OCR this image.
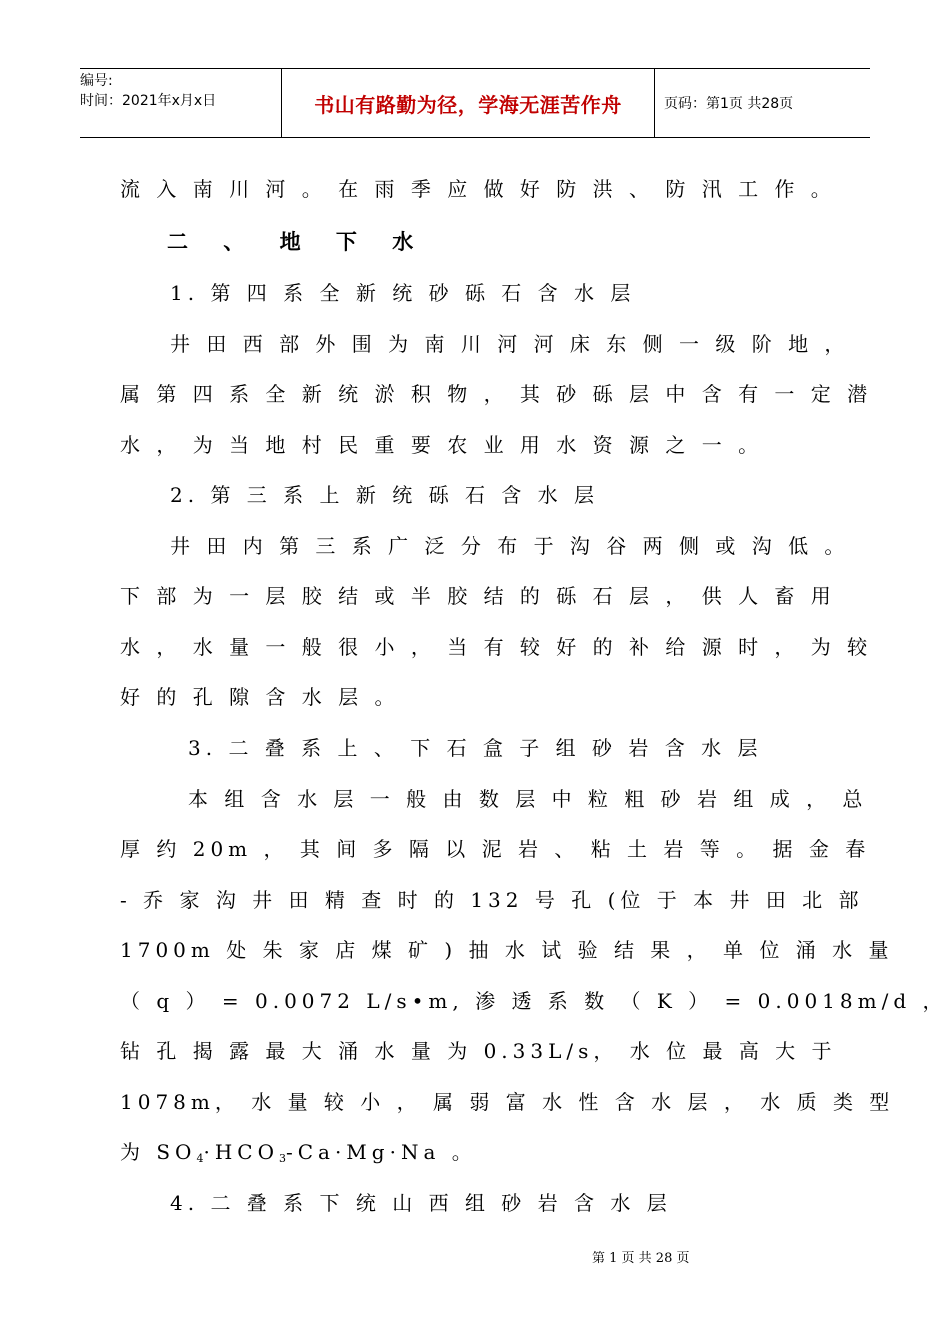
编号:
时间：2021年x月x日	书山有路勤为径，学海无涯苦作舟	页码：第1页 共28页
流 入 南 川 河 。 在 雨 季 应 做 好 防 洪 、 防 汛 工 作 。
二 、 地 下 水
1. 第 四 系 全 新 统 砂 砾 石 含 水 层
井 田 西 部 外 围 为 南 川 河 河 床 东 侧 一 级 阶 地 ，
属 第 四 系 全 新 统 淤 积 物 ， 其 砂 砾 层 中 含 有 一 定 潜
水 ， 为 当 地 村 民 重 要 农 业 用 水 资 源 之 一 。
2. 第 三 系 上 新 统 砾 石 含 水 层
井 田 内 第 三 系 广 泛 分 布 于 沟 谷 两 侧 或 沟 低 。
下 部 为 一 层 胶 结 或 半 胶 结 的 砾 石 层 ， 供 人 畜 用
水 ， 水 量 一 般 很 小 ， 当 有 较 好 的 补 给 源 时 ， 为 较
好 的 孔 隙 含 水 层 。
3. 二 叠 系 上 、 下 石 盒 子 组 砂 岩 含 水 层
本 组 含 水 层 一 般 由 数 层 中 粒 粗 砂 岩 组 成 ， 总
厚 约 20m ， 其 间 多 隔 以 泥 岩 、 粘 土 岩 等 。 据 金 春
- 乔 家 沟 井 田 精 查 时 的 132 号 孔 (位 于 本 井 田 北 部
1700m 处 朱 家 店 煤 矿 ) 抽 水 试 验 结 果 ， 单 位 涌 水 量
（ q ） = 0.0072 L/s•m, 渗 透 系 数 （ K ） = 0.0018m/d ，
钻 孔 揭 露 最 大 涌 水 量 为 0.33L/s， 水 位 最 高 大 于
1078m， 水 量 较 小 ， 属 弱 富 水 性 含 水 层 ， 水 质 类 型
为 $SO_4\cdot HCO_3-Ca\cdot Mg\cdot Na$ 。
4. 二 叠 系 下 统 山 西 组 砂 岩 含 水 层
第 1 页 共 28 页
